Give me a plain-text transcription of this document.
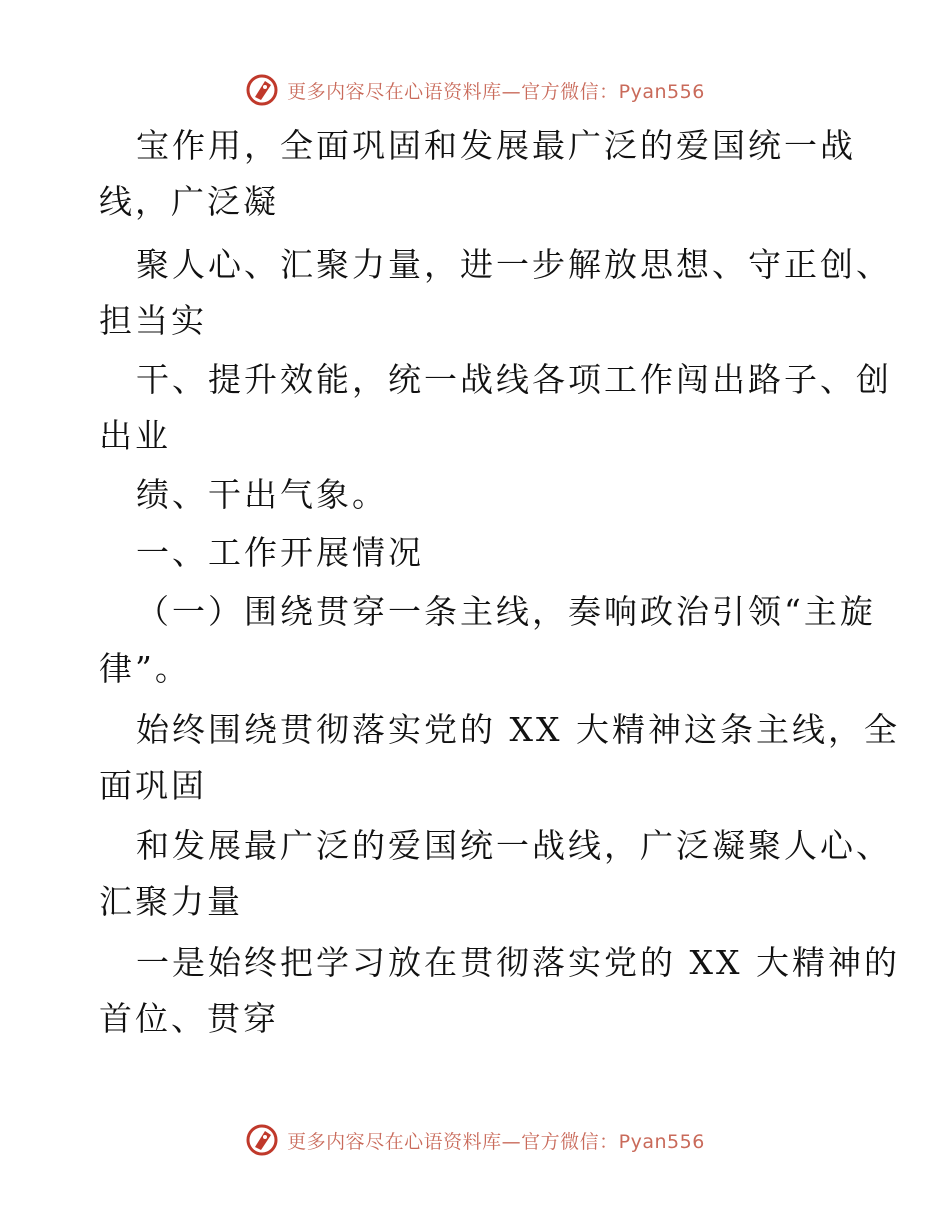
更多内容尽在心语资料库—官方微信：Pyan556
宝作用，全面巩固和发展最广泛的爱国统一战
线，广泛凝
聚人心、汇聚力量，进一步解放思想、守正创、
担当实
干、提升效能，统一战线各项工作闯出路子、创
出业
绩、干出气象。
一、工作开展情况
（一）围绕贯穿一条主线，奏响政治引领“主旋
律”。
始终围绕贯彻落实党的 XX 大精神这条主线，全
面巩固
和发展最广泛的爱国统一战线，广泛凝聚人心、
汇聚力量
一是始终把学习放在贯彻落实党的 XX 大精神的
首位、贯穿
更多内容尽在心语资料库—官方微信：Pyan556
